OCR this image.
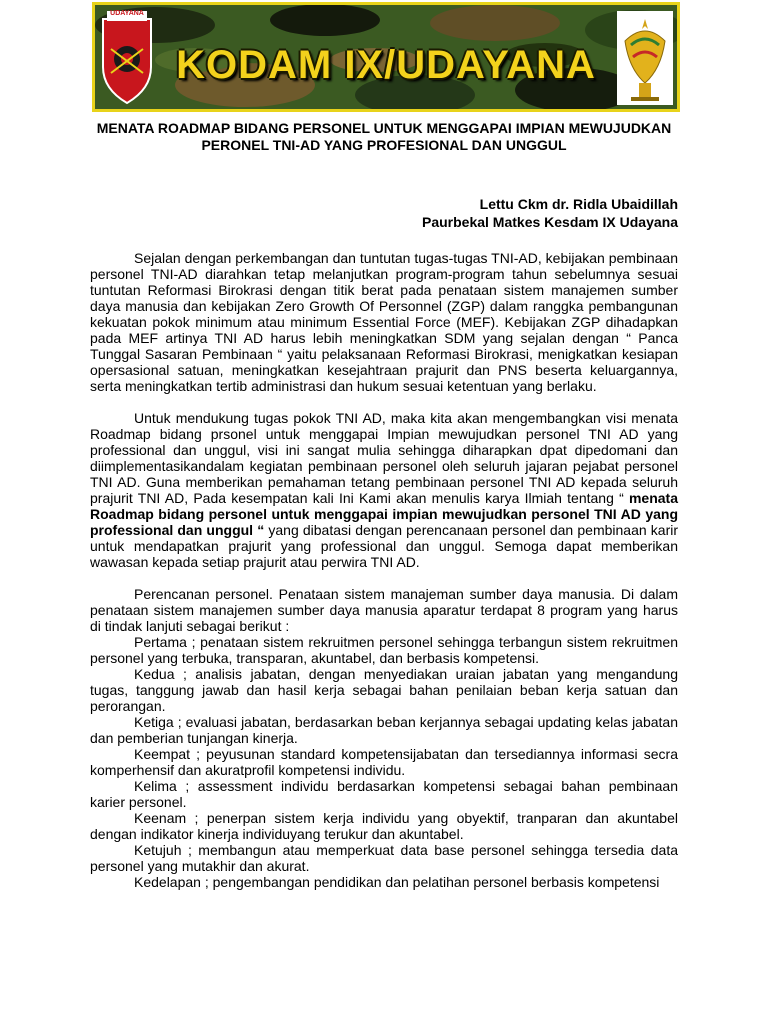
UDAYANA
KODAM IX/UDAYANA
MENATA ROADMAP BIDANG PERSONEL UNTUK MENGGAPAI IMPIAN MEWUJUDKAN
PERONEL TNI-AD YANG PROFESIONAL DAN UNGGUL
Lettu Ckm dr. Ridla Ubaidillah
Paurbekal Matkes Kesdam IX Udayana

Sejalan dengan perkembangan dan tuntutan tugas-tugas TNI-AD, kebijakan pembinaan personel TNI-AD diarahkan tetap melanjutkan program-program tahun sebelumnya sesuai tuntutan Reformasi Birokrasi dengan titik berat pada penataan sistem manajemen sumber daya manusia dan kebijakan Zero Growth Of Personnel (ZGP) dalam ranggka pembangunan kekuatan pokok minimum atau minimum Essential Force (MEF). Kebijakan ZGP dihadapkan pada MEF artinya TNI AD harus lebih meningkatkan SDM yang sejalan dengan “ Panca Tunggal Sasaran Pembinaan “ yaitu pelaksanaan Reformasi Birokrasi, menigkatkan kesiapan opersasional satuan, meningkatkan kesejahtraan prajurit dan PNS beserta keluargannya, serta meningkatkan tertib administrasi dan hukum sesuai ketentuan yang berlaku.

Untuk mendukung tugas pokok TNI AD, maka kita akan mengembangkan visi menata Roadmap bidang prsonel untuk menggapai Impian mewujudkan personel TNI AD yang professional dan unggul, visi ini sangat mulia sehingga diharapkan dpat dipedomani dan diimplementasikandalam kegiatan pembinaan personel oleh seluruh jajaran pejabat personel TNI AD. Guna memberikan pemahaman tetang pembinaan personel TNI AD kepada seluruh prajurit TNI AD, Pada kesempatan kali Ini Kami akan menulis karya Ilmiah tentang “ menata Roadmap bidang personel untuk menggapai impian mewujudkan personel TNI AD yang professional dan unggul “ yang dibatasi dengan perencanaan personel dan pembinaan karir untuk mendapatkan prajurit yang professional dan unggul. Semoga dapat memberikan wawasan kepada setiap prajurit atau perwira TNI AD.

Perencanan personel. Penataan sistem manajeman sumber daya manusia. Di dalam penataan sistem manajemen sumber daya manusia aparatur terdapat 8 program yang harus di tindak lanjuti sebagai berikut :

Pertama ; penataan sistem rekruitmen personel sehingga terbangun sistem rekruitmen personel yang terbuka, transparan, akuntabel, dan berbasis kompetensi.
Kedua ; analisis jabatan, dengan menyediakan uraian jabatan yang mengandung tugas, tanggung jawab dan hasil kerja sebagai bahan penilaian beban kerja satuan dan perorangan.
Ketiga ; evaluasi jabatan, berdasarkan beban kerjannya sebagai updating kelas jabatan dan pemberian tunjangan kinerja.
Keempat ; peyusunan standard kompetensijabatan dan tersediannya informasi secra komperhensif dan akuratprofil kompetensi individu.
Kelima ; assessment individu berdasarkan kompetensi sebagai bahan pembinaan karier personel.
Keenam ; penerpan sistem kerja individu yang obyektif, tranparan dan akuntabel dengan indikator kinerja individuyang terukur dan akuntabel.
Ketujuh ; membangun atau memperkuat data base personel sehingga tersedia data personel yang mutakhir dan akurat.
Kedelapan ; pengembangan pendidikan dan pelatihan personel berbasis kompetensi
